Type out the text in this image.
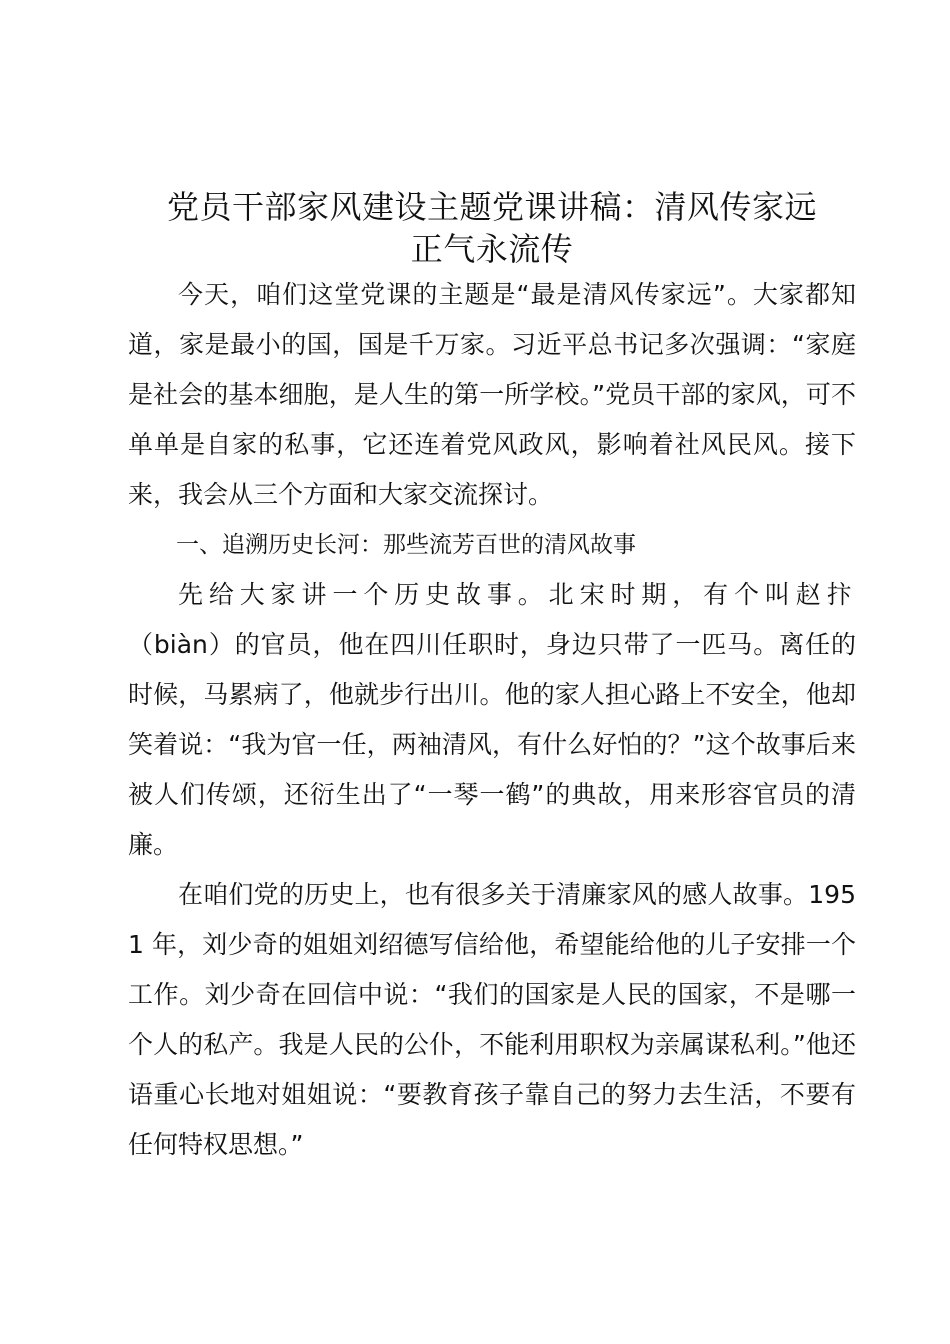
党员干部家风建设主题党课讲稿：清风传家远
正气永流传

今天，咱们这堂党课的主题是“最是清风传家远”。大家都知道，家是最小的国，国是千万家。习近平总书记多次强调：“家庭是社会的基本细胞，是人生的第一所学校。”党员干部的家风，可不单单是自家的私事，它还连着党风政风，影响着社风民风。接下来，我会从三个方面和大家交流探讨。

一、追溯历史长河：那些流芳百世的清风故事

先给大家讲一个历史故事。北宋时期，有个叫赵抃（biàn）的官员，他在四川任职时，身边只带了一匹马。离任的时候，马累病了，他就步行出川。他的家人担心路上不安全，他却笑着说：“我为官一任，两袖清风，有什么好怕的？”这个故事后来被人们传颂，还衍生出了“一琴一鹤”的典故，用来形容官员的清廉。

在咱们党的历史上，也有很多关于清廉家风的感人故事。1951 年，刘少奇的姐姐刘绍德写信给他，希望能给他的儿子安排一个工作。刘少奇在回信中说：“我们的国家是人民的国家，不是哪一个人的私产。我是人民的公仆，不能利用职权为亲属谋私利。”他还语重心长地对姐姐说：“要教育孩子靠自己的努力去生活，不要有任何特权思想。”
